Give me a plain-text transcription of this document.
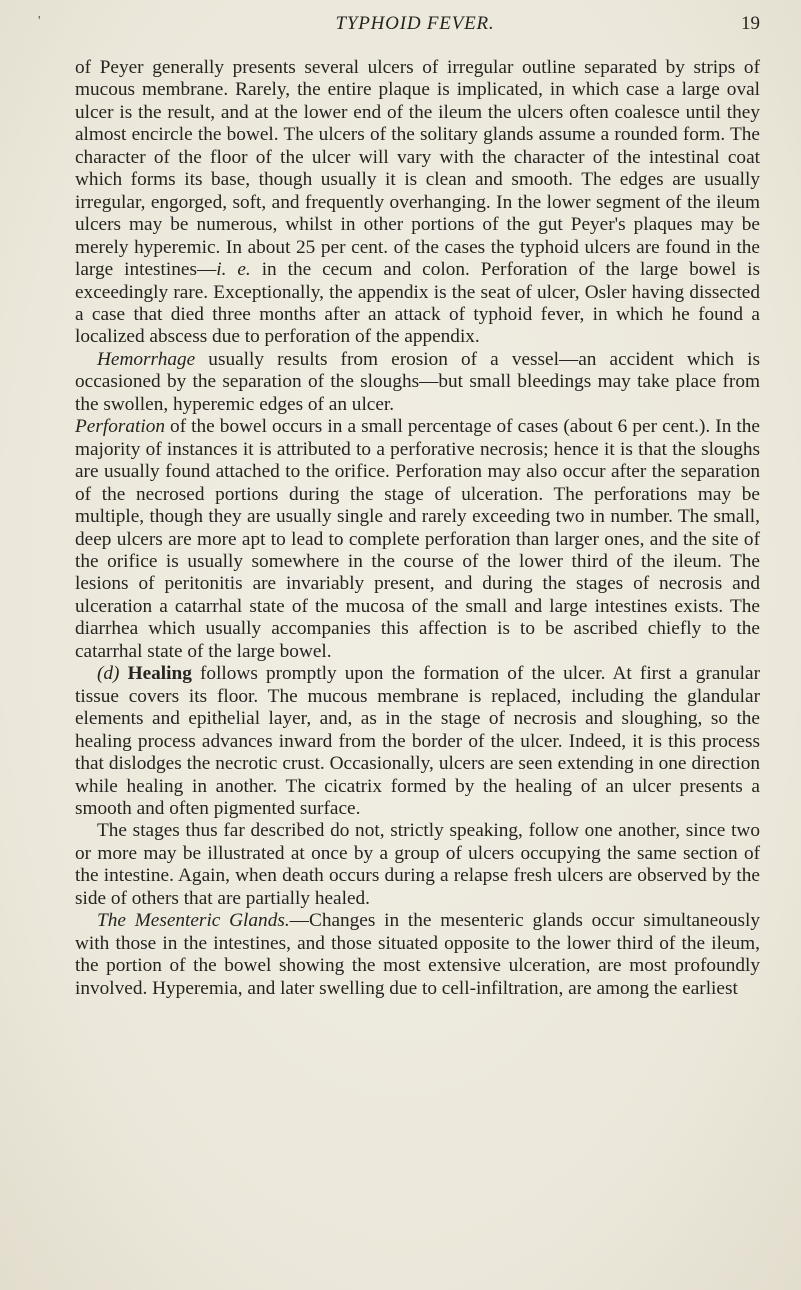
'	TYPHOID FEVER.	19

of Peyer generally presents several ulcers of irregular outline separated by strips of mucous membrane. Rarely, the entire plaque is implicated, in which case a large oval ulcer is the result, and at the lower end of the ileum the ulcers often coalesce until they almost encircle the bowel. The ulcers of the solitary glands assume a rounded form. The character of the floor of the ulcer will vary with the character of the intestinal coat which forms its base, though usually it is clean and smooth. The edges are usually irregular, engorged, soft, and frequently overhanging. In the lower segment of the ileum ulcers may be numerous, whilst in other portions of the gut Peyer's plaques may be merely hyperemic. In about 25 per cent. of the cases the typhoid ulcers are found in the large intestines—i. e. in the cecum and colon. Perforation of the large bowel is exceedingly rare. Exceptionally, the appendix is the seat of ulcer, Osler having dissected a case that died three months after an attack of typhoid fever, in which he found a localized abscess due to perforation of the appendix.

Hemorrhage usually results from erosion of a vessel—an accident which is occasioned by the separation of the sloughs—but small bleedings may take place from the swollen, hyperemic edges of an ulcer.

Perforation of the bowel occurs in a small percentage of cases (about 6 per cent.). In the majority of instances it is attributed to a perforative necrosis; hence it is that the sloughs are usually found attached to the orifice. Perforation may also occur after the separation of the necrosed portions during the stage of ulceration. The perforations may be multiple, though they are usually single and rarely exceeding two in number. The small, deep ulcers are more apt to lead to complete perforation than larger ones, and the site of the orifice is usually somewhere in the course of the lower third of the ileum. The lesions of peritonitis are invariably present, and during the stages of necrosis and ulceration a catarrhal state of the mucosa of the small and large intestines exists. The diarrhea which usually accompanies this affection is to be ascribed chiefly to the catarrhal state of the large bowel.

(d) Healing follows promptly upon the formation of the ulcer. At first a granular tissue covers its floor. The mucous membrane is replaced, including the glandular elements and epithelial layer, and, as in the stage of necrosis and sloughing, so the healing process advances inward from the border of the ulcer. Indeed, it is this process that dislodges the necrotic crust. Occasionally, ulcers are seen extending in one direction while healing in another. The cicatrix formed by the healing of an ulcer presents a smooth and often pigmented surface.

The stages thus far described do not, strictly speaking, follow one another, since two or more may be illustrated at once by a group of ulcers occupying the same section of the intestine. Again, when death occurs during a relapse fresh ulcers are observed by the side of others that are partially healed.

The Mesenteric Glands.—Changes in the mesenteric glands occur simultaneously with those in the intestines, and those situated opposite to the lower third of the ileum, the portion of the bowel showing the most extensive ulceration, are most profoundly involved. Hyperemia, and later swelling due to cell-infiltration, are among the earliest
